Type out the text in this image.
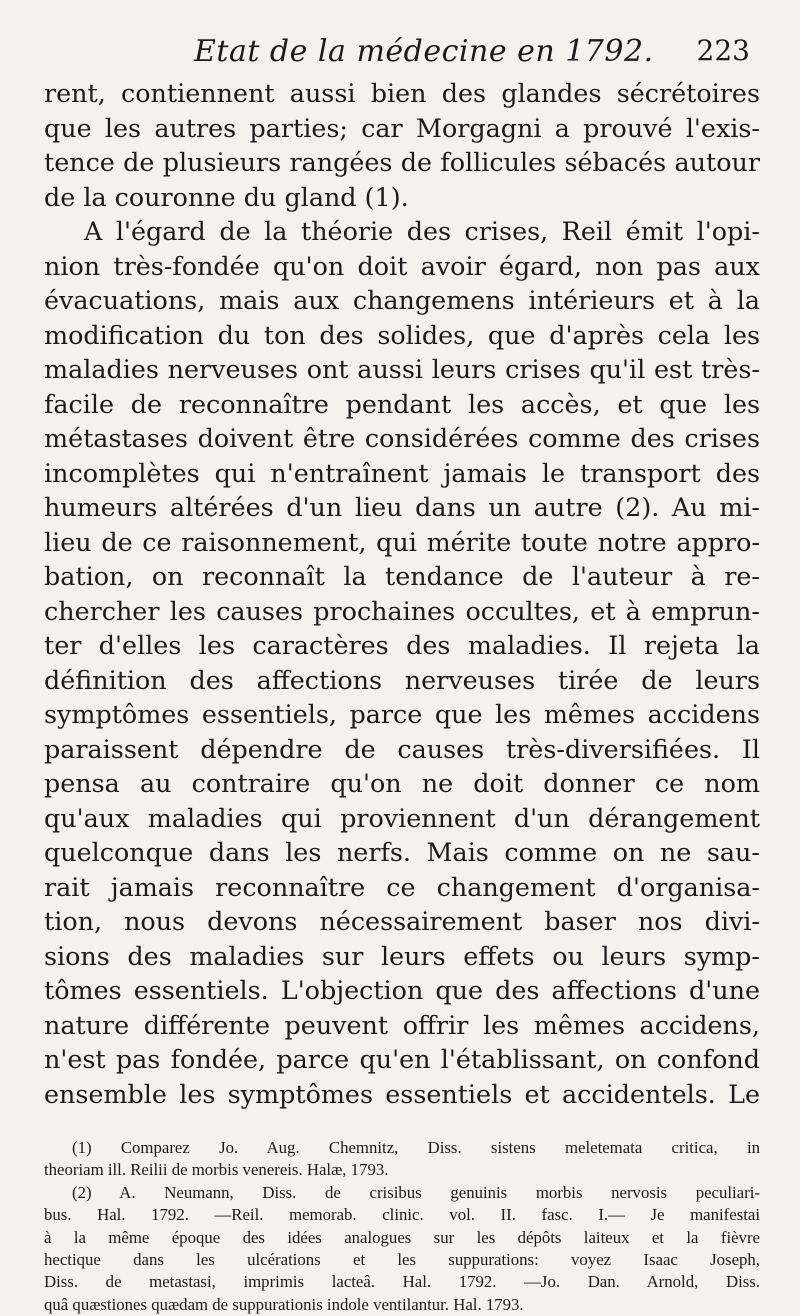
Etat de la médecine en 1792. 223
rent, contiennent aussi bien des glandes sécrétoires
que les autres parties; car Morgagni a prouvé l'exis-
tence de plusieurs rangées de follicules sébacés autour
de la couronne du gland (1).
A l'égard de la théorie des crises, Reil émit l'opi-
nion très-fondée qu'on doit avoir égard, non pas aux
évacuations, mais aux changemens intérieurs et à la
modification du ton des solides, que d'après cela les
maladies nerveuses ont aussi leurs crises qu'il est très-
facile de reconnaître pendant les accès, et que les
métastases doivent être considérées comme des crises
incomplètes qui n'entraînent jamais le transport des
humeurs altérées d'un lieu dans un autre (2). Au mi-
lieu de ce raisonnement, qui mérite toute notre appro-
bation, on reconnaît la tendance de l'auteur à re-
chercher les causes prochaines occultes, et à emprun-
ter d'elles les caractères des maladies. Il rejeta la
définition des affections nerveuses tirée de leurs
symptômes essentiels, parce que les mêmes accidens
paraissent dépendre de causes très-diversifiées. Il
pensa au contraire qu'on ne doit donner ce nom
qu'aux maladies qui proviennent d'un dérangement
quelconque dans les nerfs. Mais comme on ne sau-
rait jamais reconnaître ce changement d'organisa-
tion, nous devons nécessairement baser nos divi-
sions des maladies sur leurs effets ou leurs symp-
tômes essentiels. L'objection que des affections d'une
nature différente peuvent offrir les mêmes accidens,
n'est pas fondée, parce qu'en l'établissant, on confond
ensemble les symptômes essentiels et accidentels. Le
(1) Comparez Jo. Aug. Chemnitz, Diss. sistens meletemata critica, in
theoriam ill. Reilii de morbis venereis. Halæ, 1793.
(2) A. Neumann, Diss. de crisibus genuinis morbis nervosis peculiari-
bus. Hal. 1792. —Reil. memorab. clinic. vol. II. fasc. I.— Je manifestai
à la même époque des idées analogues sur les dépôts laiteux et la fièvre
hectique dans les ulcérations et les suppurations: voyez Isaac Joseph,
Diss. de metastasi, imprimis lacteâ. Hal. 1792. —Jo. Dan. Arnold, Diss.
quâ quæstiones quædam de suppurationis indole ventilantur. Hal. 1793.
